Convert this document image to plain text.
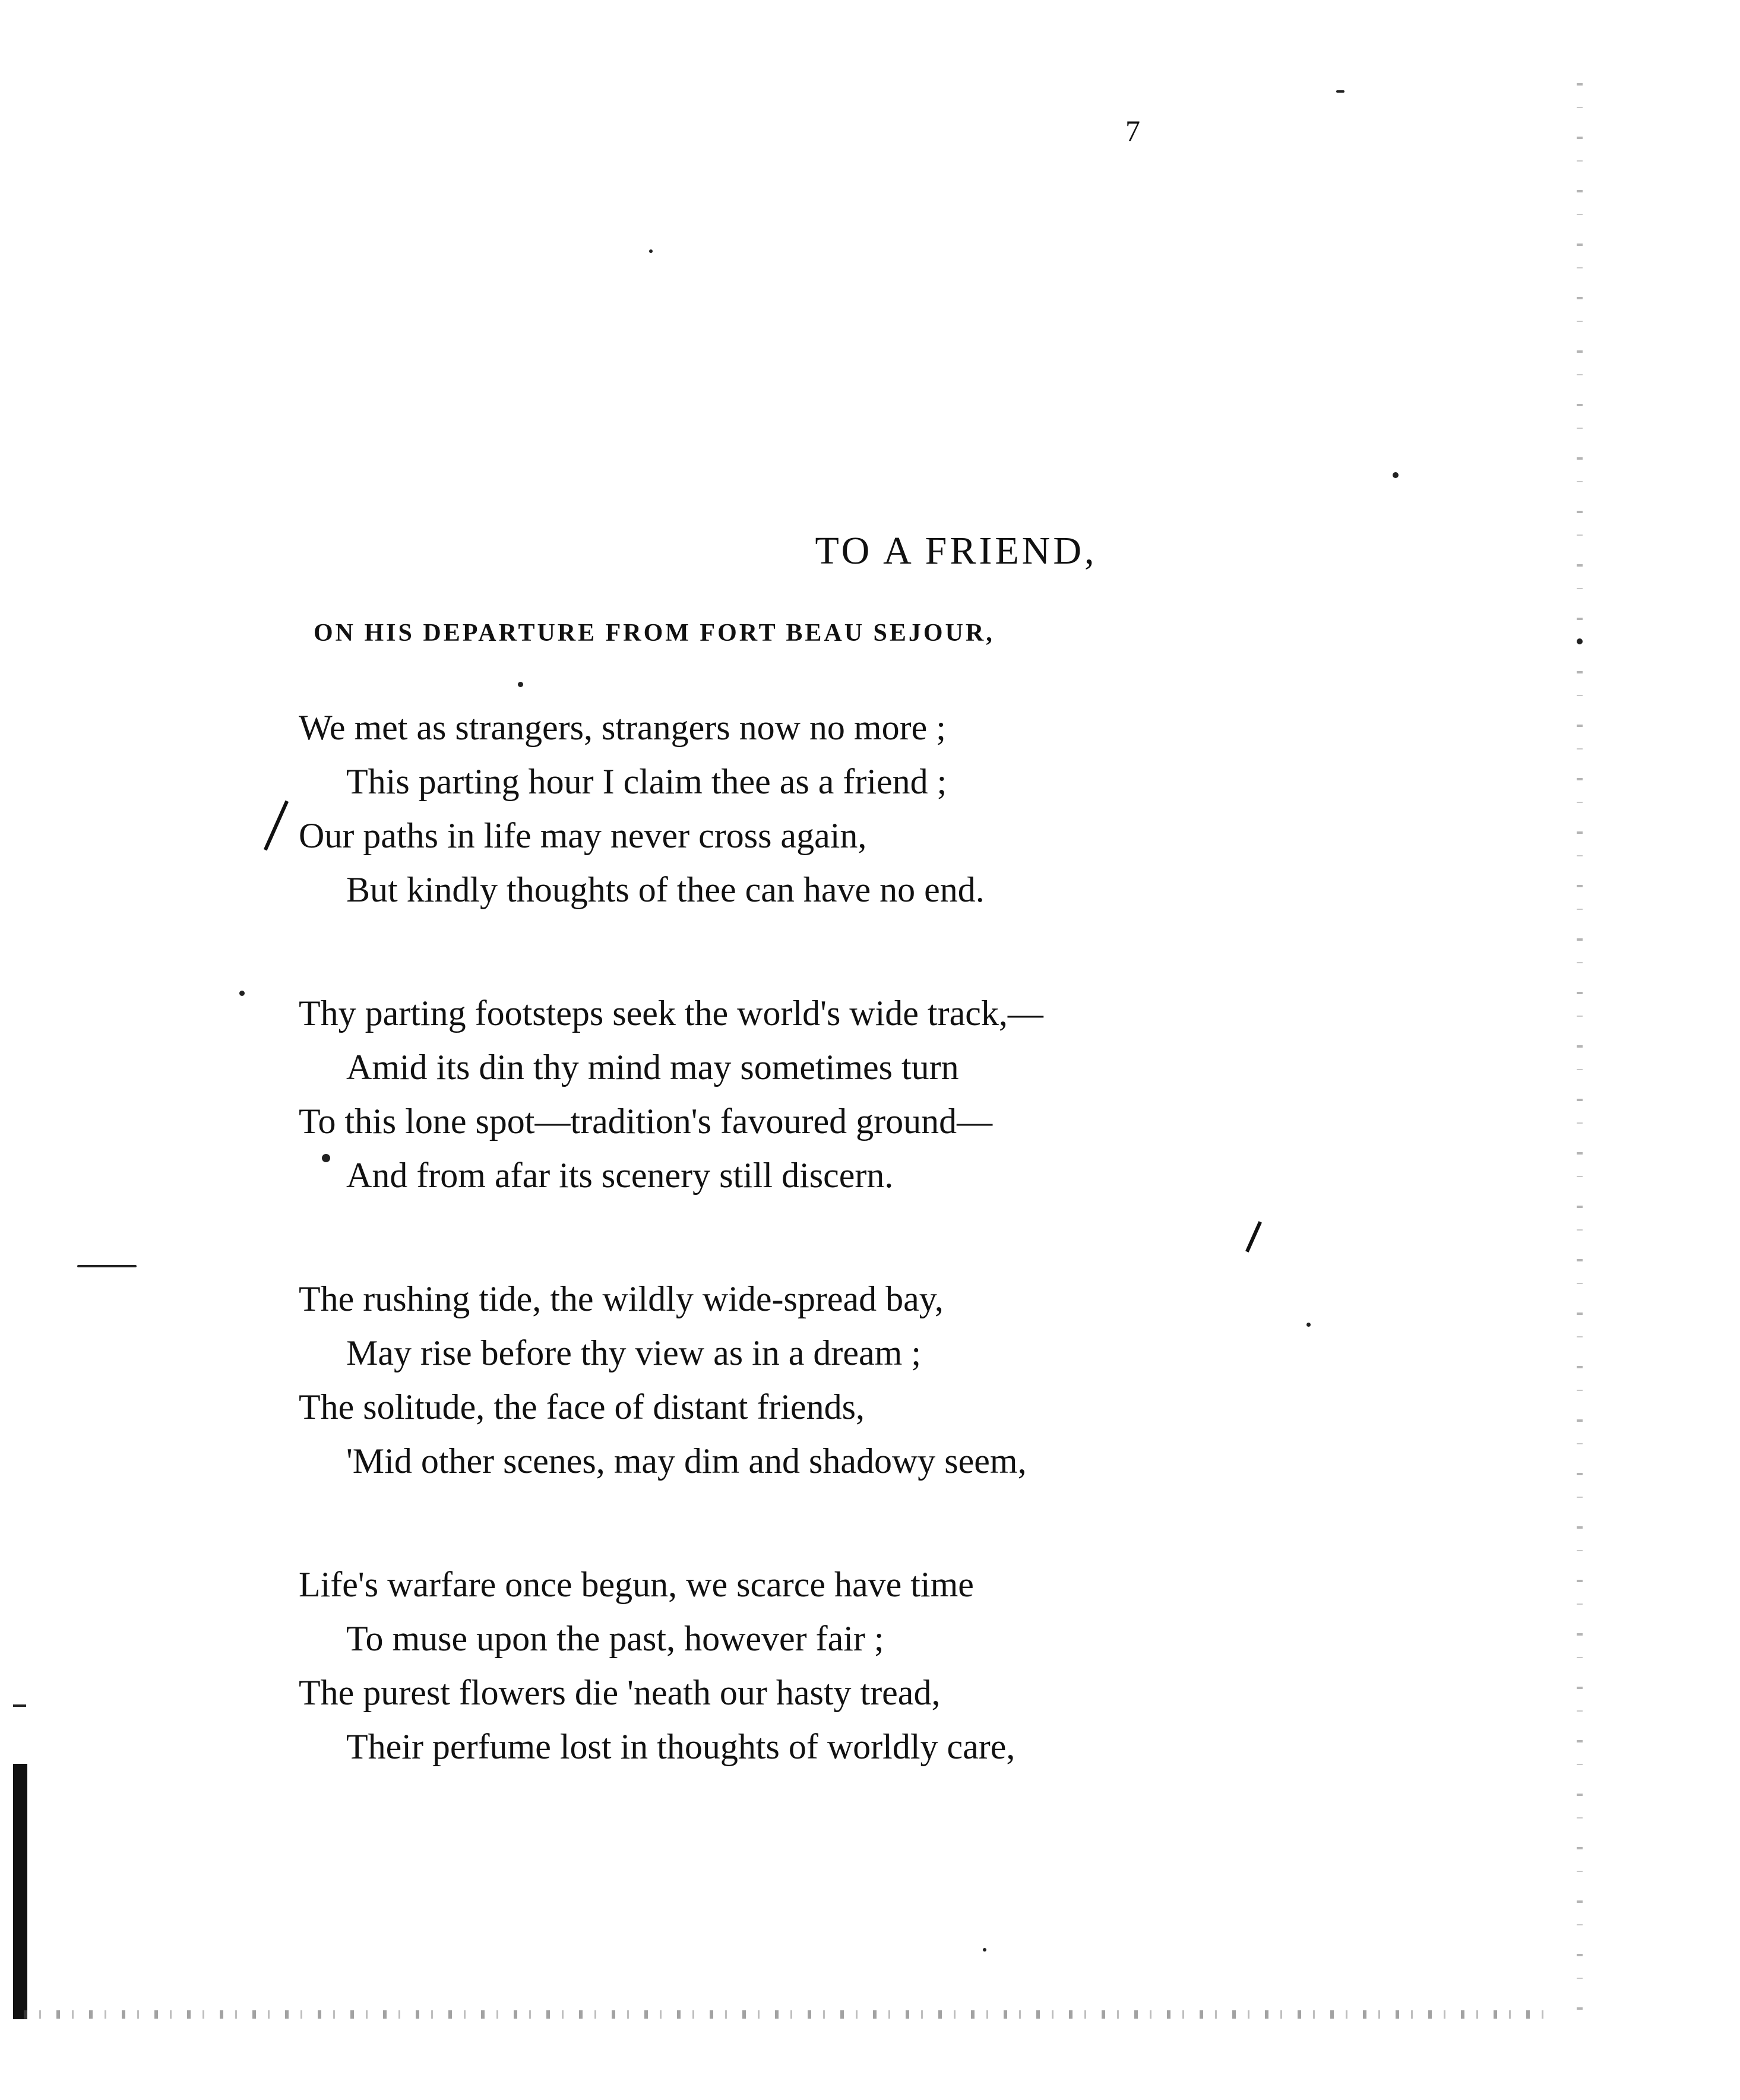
7
TO A FRIEND,
ON HIS DEPARTURE FROM FORT BEAU SEJOUR,
We met as strangers, strangers now no more ;
This parting hour I claim thee as a friend ;
Our paths in life may never cross again,
But kindly thoughts of thee can have no end.
Thy parting footsteps seek the world's wide track,—
Amid its din thy mind may sometimes turn
To this lone spot—tradition's favoured ground—
And from afar its scenery still discern.
The rushing tide, the wildly wide-spread bay,
May rise before thy view as in a dream ;
The solitude, the face of distant friends,
'Mid other scenes, may dim and shadowy seem,
Life's warfare once begun, we scarce have time
To muse upon the past, however fair ;
The purest flowers die 'neath our hasty tread,
Their perfume lost in thoughts of worldly care,
